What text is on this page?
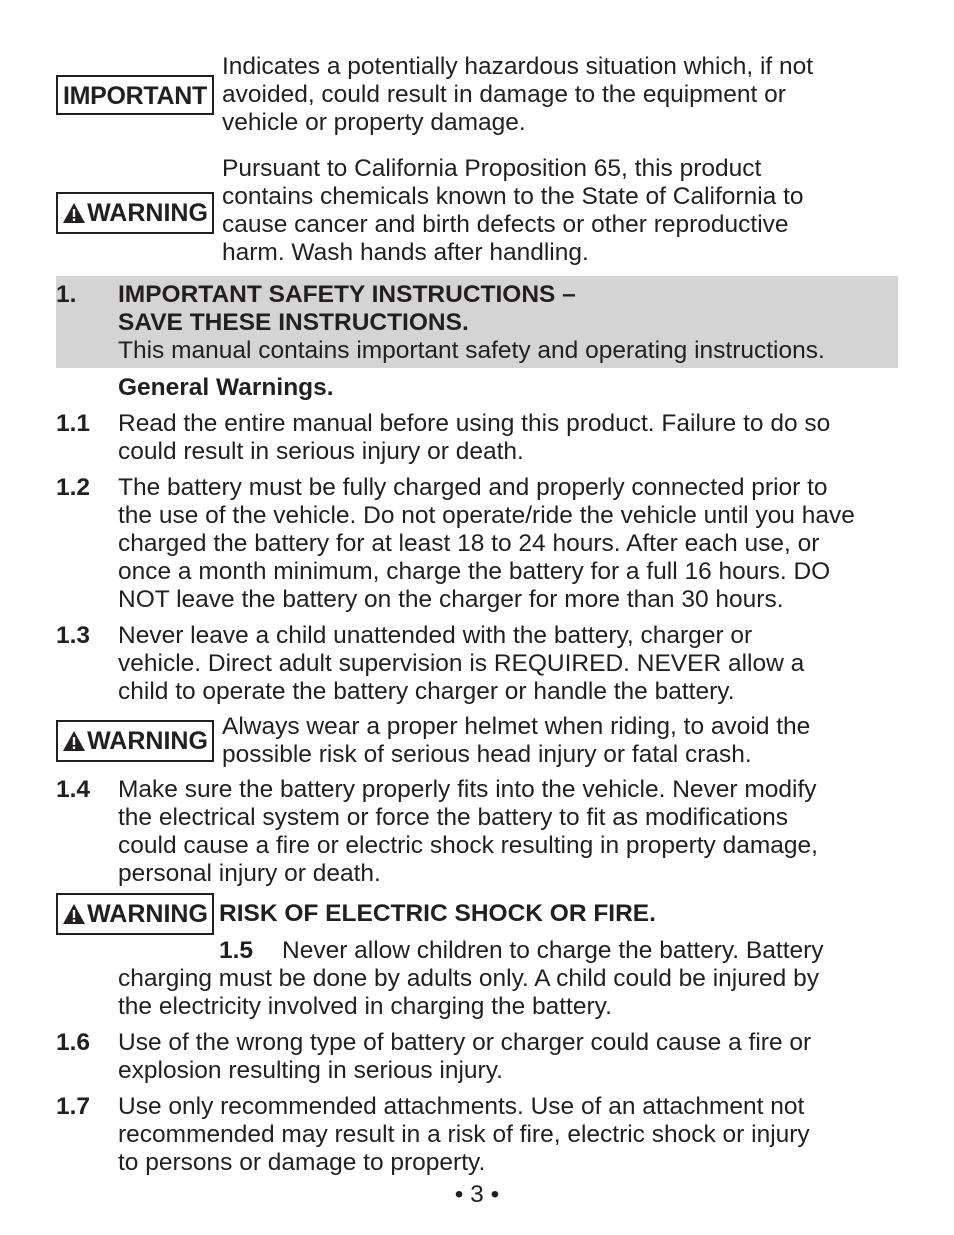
IMPORTANT
Indicates a potentially hazardous situation which, if not
avoided, could result in damage to the equipment or
vehicle or property damage.
WARNING
Pursuant to California Proposition 65, this product
contains chemicals known to the State of California to
cause cancer and birth defects or other reproductive
harm. Wash hands after handling.
1. IMPORTANT SAFETY INSTRUCTIONS –
SAVE THESE INSTRUCTIONS.
This manual contains important safety and operating instructions.
General Warnings.
1.1 Read the entire manual before using this product. Failure to do so
could result in serious injury or death.
1.2 The battery must be fully charged and properly connected prior to
the use of the vehicle. Do not operate/ride the vehicle until you have
charged the battery for at least 18 to 24 hours. After each use, or
once a month minimum, charge the battery for a full 16 hours. DO
NOT leave the battery on the charger for more than 30 hours.
1.3 Never leave a child unattended with the battery, charger or
vehicle. Direct adult supervision is REQUIRED. NEVER allow a
child to operate the battery charger or handle the battery.
WARNING
Always wear a proper helmet when riding, to avoid the
possible risk of serious head injury or fatal crash.
1.4 Make sure the battery properly fits into the vehicle. Never modify
the electrical system or force the battery to fit as modifications
could cause a fire or electric shock resulting in property damage,
personal injury or death.
WARNING RISK OF ELECTRIC SHOCK OR FIRE.
1.5 Never allow children to charge the battery. Battery
charging must be done by adults only. A child could be injured by
the electricity involved in charging the battery.
1.6 Use of the wrong type of battery or charger could cause a fire or
explosion resulting in serious injury.
1.7 Use only recommended attachments. Use of an attachment not
recommended may result in a risk of fire, electric shock or injury
to persons or damage to property.
• 3 •
